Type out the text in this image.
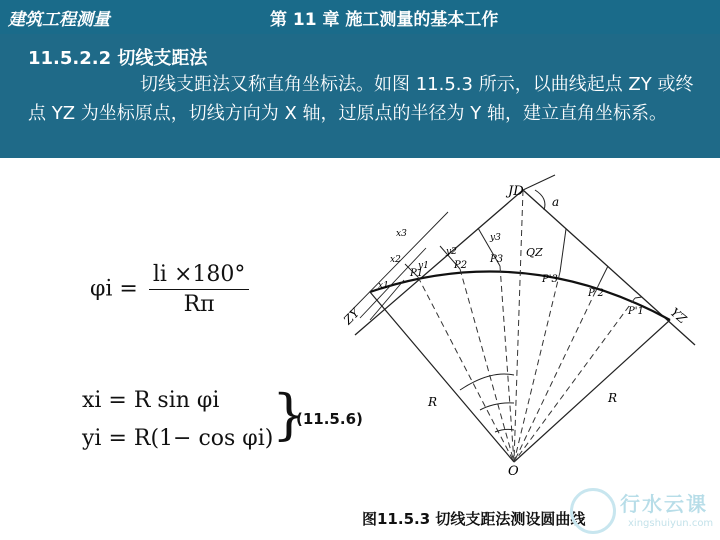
建筑工程测量	第 11 章 施工测量的基本工作
11.5.2.2 切线支距法
切线支距法又称直角坐标法。如图 11.5.3 所示，以曲线起点 ZY 或终点 YZ 为坐标原点，切线方向为 X 轴，过原点的半径为 Y 轴，建立直角坐标系。
$\varphi i = \frac{li \times 180^\circ}{R\pi}$
xi = R sin φi
yi = R(1− cos φi)
}
(11.5.6)
JD
a
ZY	YZ
QZ
O
R	R
P1
P2
P3
P'3
P'2
P'1
x1
x2
x3
y1
y2
y3
图11.5.3 切线支距法测设圆曲线
行水云课
xingshuiyun.com
